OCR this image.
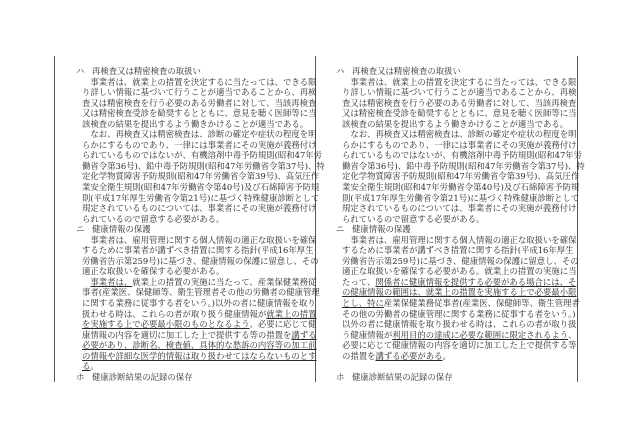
ハ 再検査又は精密検査の取扱い
　事業者は、就業上の措置を決定するに当たっては、できる限
り詳しい情報に基づいて行うことが適当であることから、再検
査又は精密検査を行う必要のある労働者に対して、当該再検査
又は精密検査受診を勧奨するとともに、意見を聴く医師等に当
該検査の結果を提出するよう働きかけることが適当である。
　なお、再検査又は精密検査は、診断の確定や症状の程度を明
らかにするものであり、一律には事業者にその実施が義務付け
られているものではないが、有機溶剤中毒予防規則(昭和47年労
働省令第36号)、鉛中毒予防規則(昭和47年労働省令第37号)、特
定化学物質障害予防規則(昭和47年労働省令第39号)、高気圧作
業安全衛生規則(昭和47年労働省令第40号)及び石綿障害予防規
則(平成17年厚生労働省令第21号)に基づく特殊健康診断として
規定されているものについては、事業者にその実施が義務付け
られているので留意する必要がある。
ニ 健康情報の保護
　事業者は、雇用管理に関する個人情報の適正な取扱いを確保
するために事業者が講ずべき措置に関する指針(平成16年厚生
労働省告示第259号)に基づき、健康情報の保護に留意し、その
適正な取扱いを確保する必要がある。
　事業者は、就業上の措置の実施に当たって、産業保健業務従
事者(産業医、保健師等、衛生管理者その他の労働者の健康管理
に関する業務に従事する者をいう。)以外の者に健康情報を取り
扱わせる時は、これらの者が取り扱う健康情報が就業上の措置
を実施する上で必要最小限のものとなるよう、必要に応じて健
康情報の内容を適切に加工した上で提供する等の措置を講ずる
必要があり、診断名、検査値、具体的な愁訴の内容等の加工前
の情報や詳細な医学的情報は取り扱わせてはならないものとす
る。
ホ 健康診断結果の記録の保存
ハ 再検査又は精密検査の取扱い
　事業者は、就業上の措置を決定するに当たっては、できる限
り詳しい情報に基づいて行うことが適当であることから、再検
査又は精密検査を行う必要のある労働者に対して、当該再検査
又は精密検査受診を勧奨するとともに、意見を聴く医師等に当
該検査の結果を提出するよう働きかけることが適当である。
　なお、再検査又は精密検査は、診断の確定や症状の程度を明
らかにするものであり、一律には事業者にその実施が義務付け
られているものではないが、有機溶剤中毒予防規則(昭和47年労
働省令第36号)、鉛中毒予防規則(昭和47年労働省令第37号)、特
定化学物質障害予防規則(昭和47年労働省令第39号)、高気圧作
業安全衛生規則(昭和47年労働省令第40号)及び石綿障害予防規
則(平成17年厚生労働省令第21号)に基づく特殊健康診断として
規定されているものについては、事業者にその実施が義務付け
られているので留意する必要がある。
ニ 健康情報の保護
　事業者は、雇用管理に関する個人情報の適正な取扱いを確保
するために事業者が講ずべき措置に関する指針(平成16年厚生
労働省告示第259号)に基づき、健康情報の保護に留意し、その
適正な取扱いを確保する必要がある。就業上の措置の実施に当
たって、関係者に健康情報を提供する必要がある場合には、そ
の健康情報の範囲は、就業上の措置を実施する上で必要最小限
とし、特に産業保健業務従事者(産業医、保健師等、衛生管理者
その他の労働者の健康管理に関する業務に従事する者をいう。)
以外の者に健康情報を取り扱わせる時は、これらの者が取り扱
う健康情報が利用目的の達成に必要な範囲に限定されるよう、
必要に応じて健康情報の内容を適切に加工した上で提供する等
の措置を講ずる必要がある。
ホ 健康診断結果の記録の保存
